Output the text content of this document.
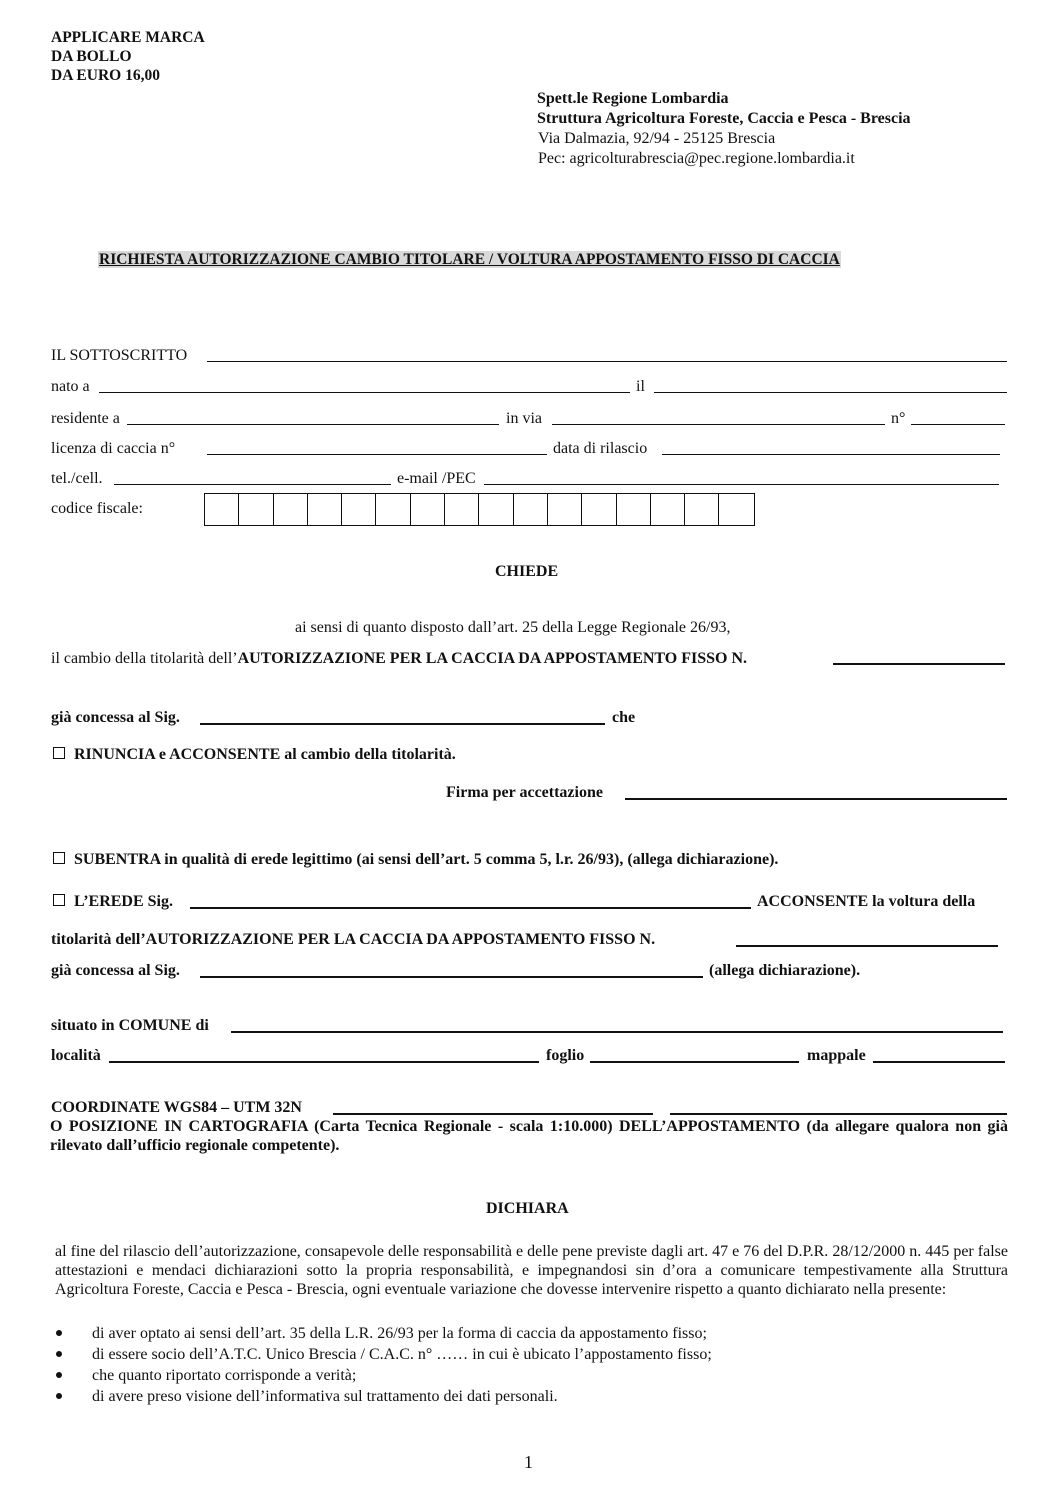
APPLICARE MARCA
DA BOLLO
DA EURO 16,00
Spett.le Regione Lombardia
Struttura Agricoltura Foreste, Caccia e Pesca - Brescia
Via Dalmazia, 92/94 - 25125 Brescia
Pec: agricolturabrescia@pec.regione.lombardia.it
RICHIESTA AUTORIZZAZIONE CAMBIO TITOLARE / VOLTURA APPOSTAMENTO FISSO DI CACCIA
IL SOTTOSCRITTO
nato a	il
residente a	in via	n°
licenza di caccia n°	data di rilascio
tel./cell.	e-mail /PEC
codice fiscale:
CHIEDE
ai sensi di quanto disposto dall’art. 25 della Legge Regionale 26/93,
il cambio della titolarità dell’AUTORIZZAZIONE PER LA CACCIA DA APPOSTAMENTO FISSO N.
già concessa al Sig.	che
RINUNCIA e ACCONSENTE al cambio della titolarità.
Firma per accettazione
SUBENTRA in qualità di erede legittimo (ai sensi dell’art. 5 comma 5, l.r. 26/93), (allega dichiarazione).
L’EREDE Sig.	ACCONSENTE la voltura della
titolarità dell’AUTORIZZAZIONE PER LA CACCIA DA APPOSTAMENTO FISSO N.
già concessa al Sig.	(allega dichiarazione).
situato in COMUNE di
località	foglio	mappale
COORDINATE WGS84 – UTM 32N
O POSIZIONE IN CARTOGRAFIA (Carta Tecnica Regionale - scala 1:10.000) DELL’APPOSTAMENTO (da allegare qualora non già rilevato dall’ufficio regionale competente).
DICHIARA
al fine del rilascio dell’autorizzazione, consapevole delle responsabilità e delle pene previste dagli art. 47 e 76 del D.P.R. 28/12/2000 n. 445 per false attestazioni e mendaci dichiarazioni sotto la propria responsabilità, e impegnandosi sin d’ora a comunicare tempestivamente alla Struttura Agricoltura Foreste, Caccia e Pesca - Brescia, ogni eventuale variazione che dovesse intervenire rispetto a quanto dichiarato nella presente:
di aver optato ai sensi dell’art. 35 della L.R. 26/93 per la forma di caccia da appostamento fisso;
di essere socio dell’A.T.C. Unico Brescia / C.A.C. n° …… in cui è ubicato l’appostamento fisso;
che quanto riportato corrisponde a verità;
di avere preso visione dell’informativa sul trattamento dei dati personali.
1
